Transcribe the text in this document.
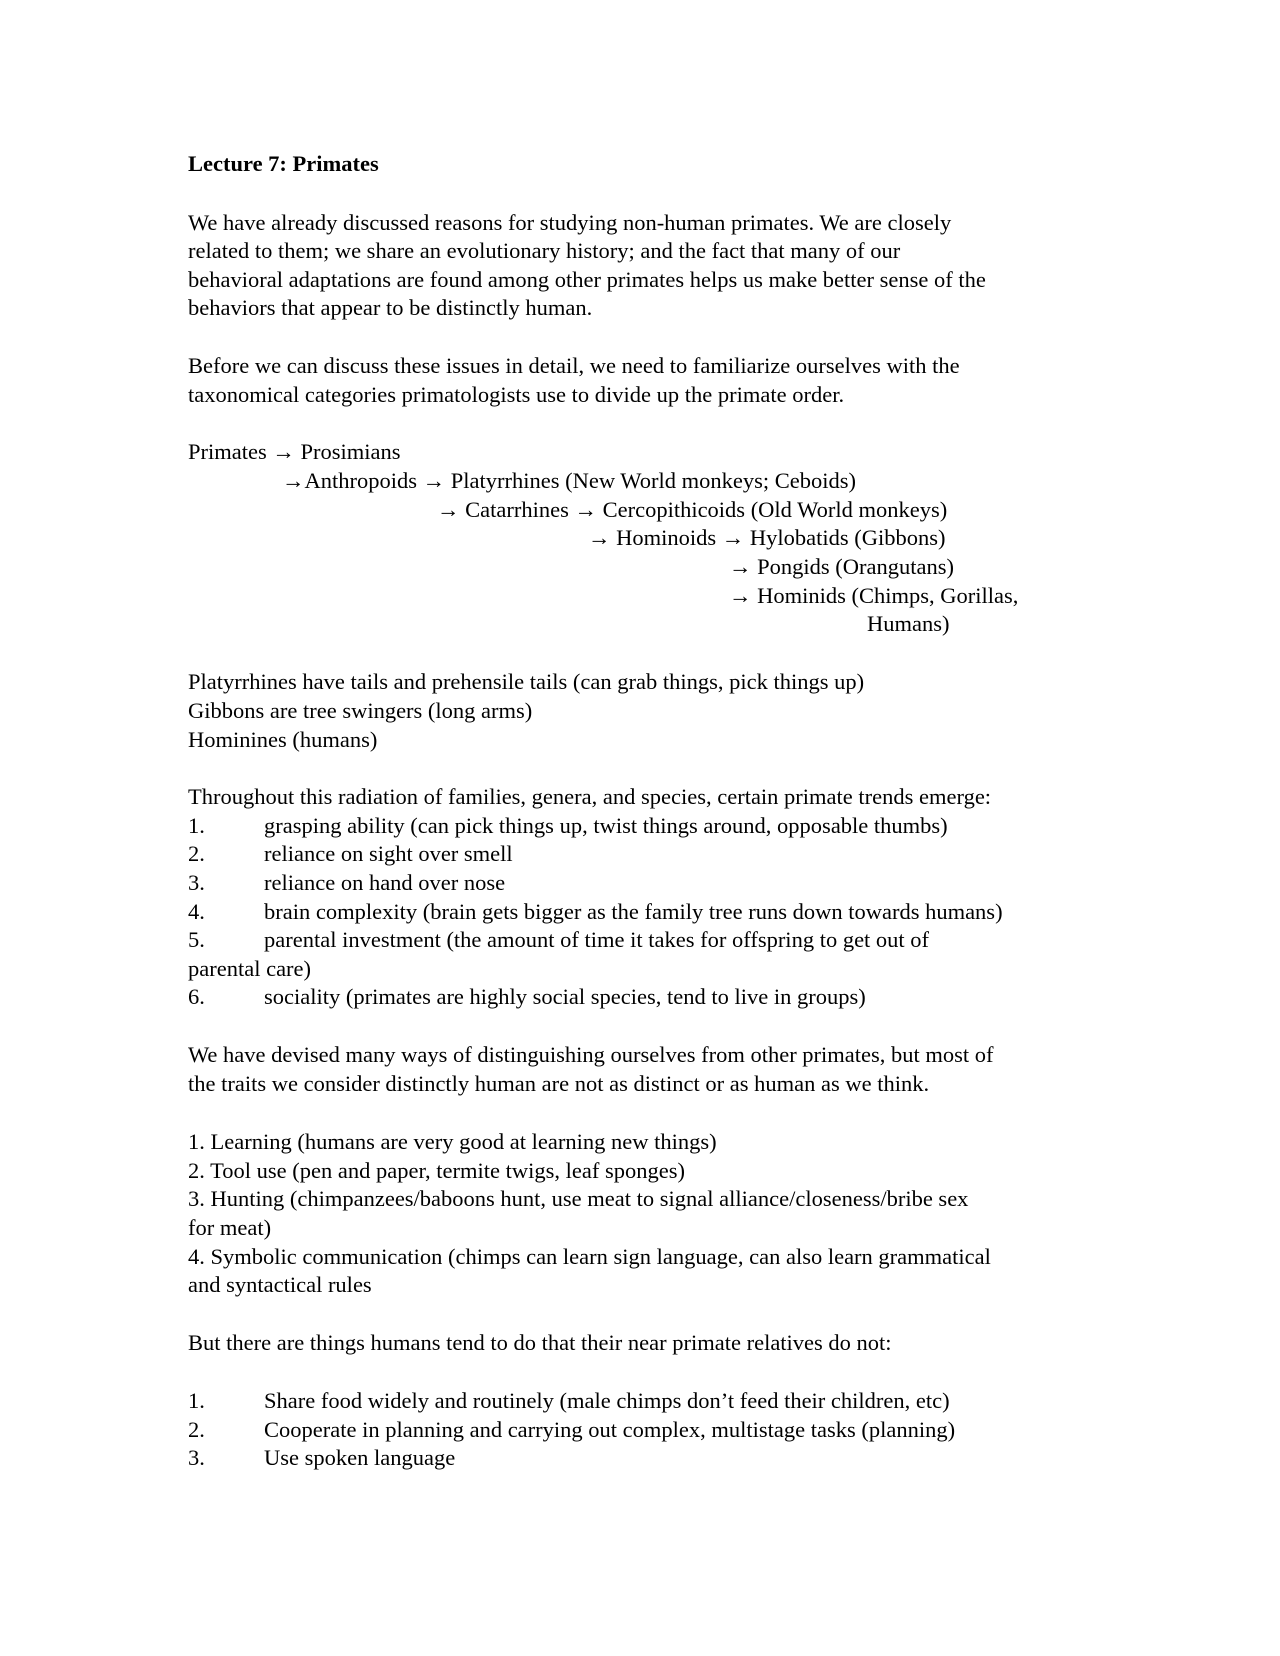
Lecture 7: Primates
We have already discussed reasons for studying non-human primates. We are closely
related to them; we share an evolutionary history; and the fact that many of our
behavioral adaptations are found among other primates helps us make better sense of the
behaviors that appear to be distinctly human.
Before we can discuss these issues in detail, we need to familiarize ourselves with the
taxonomical categories primatologists use to divide up the primate order.
Primates → Prosimians
→Anthropoids → Platyrrhines (New World monkeys; Ceboids)
→ Catarrhines → Cercopithicoids (Old World monkeys)
→ Hominoids → Hylobatids (Gibbons)
→ Pongids (Orangutans)
→ Hominids (Chimps, Gorillas,
Humans)
Platyrrhines have tails and prehensile tails (can grab things, pick things up)
Gibbons are tree swingers (long arms)
Hominines (humans)
Throughout this radiation of families, genera, and species, certain primate trends emerge:
1.	grasping ability (can pick things up, twist things around, opposable thumbs)
2.	reliance on sight over smell
3.	reliance on hand over nose
4.	brain complexity (brain gets bigger as the family tree runs down towards humans)
5.	parental investment (the amount of time it takes for offspring to get out of
parental care)
6.	sociality (primates are highly social species, tend to live in groups)
We have devised many ways of distinguishing ourselves from other primates, but most of
the traits we consider distinctly human are not as distinct or as human as we think.
1. Learning (humans are very good at learning new things)
2. Tool use (pen and paper, termite twigs, leaf sponges)
3. Hunting (chimpanzees/baboons hunt, use meat to signal alliance/closeness/bribe sex
for meat)
4. Symbolic communication (chimps can learn sign language, can also learn grammatical
and syntactical rules
But there are things humans tend to do that their near primate relatives do not:
1.	Share food widely and routinely (male chimps don’t feed their children, etc)
2.	Cooperate in planning and carrying out complex, multistage tasks (planning)
3.	Use spoken language
